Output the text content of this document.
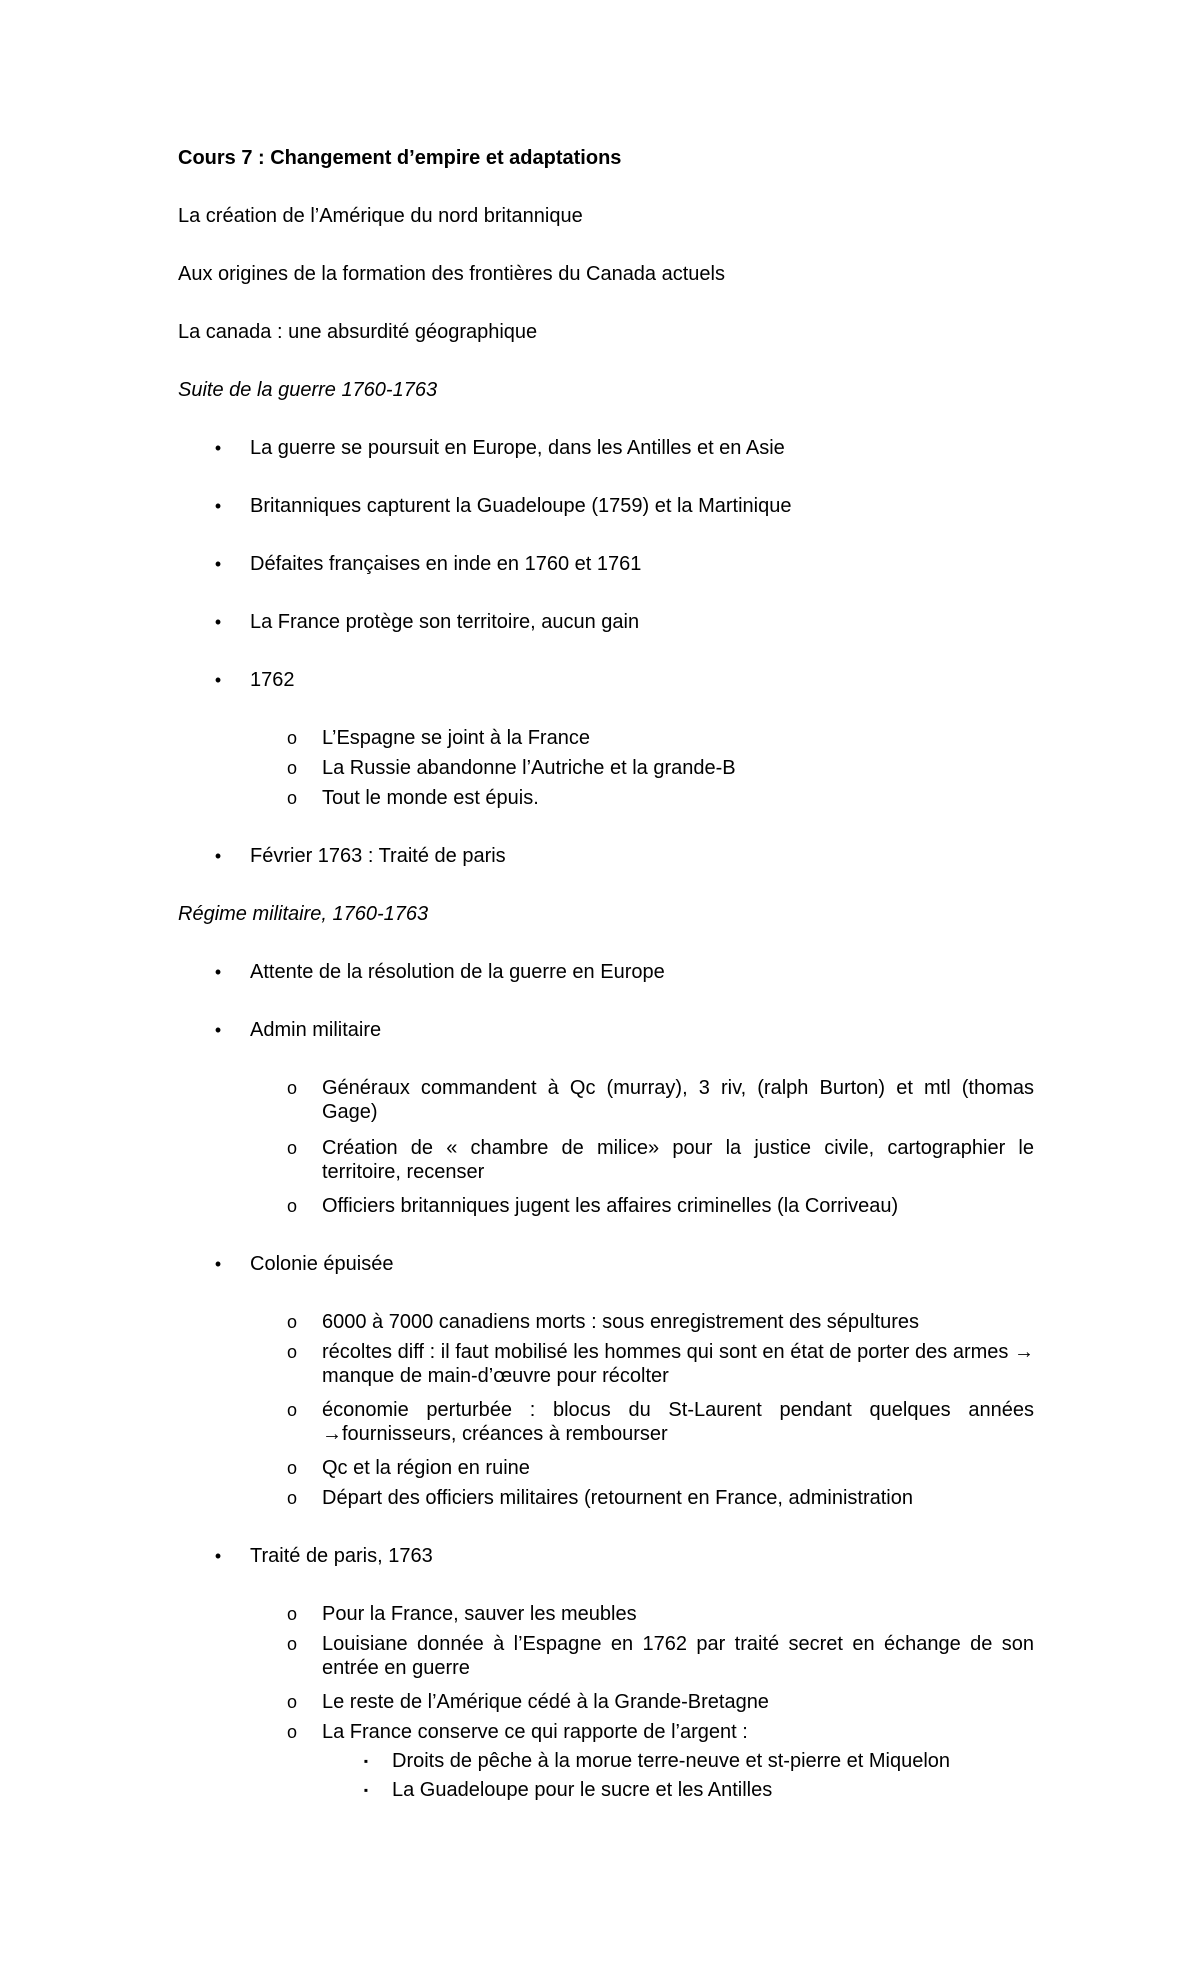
Cours 7 : Changement d’empire et adaptations

La création de l’Amérique du nord britannique

Aux origines de la formation des frontières du Canada actuels

La canada : une absurdité géographique

Suite de la guerre 1760-1763

•	La guerre se poursuit en Europe, dans les Antilles et en Asie

•	Britanniques capturent la Guadeloupe (1759) et la Martinique

•	Défaites françaises en inde en 1760 et 1761

•	La France protège son territoire, aucun gain

•	1762

o L’Espagne se joint à la France

o La Russie abandonne l’Autriche et la grande-B

o Tout le monde est épuis.

•	Février 1763 : Traité de paris

Régime militaire, 1760-1763

•	Attente de la résolution de la guerre en Europe

•	Admin militaire

o Généraux commandent à Qc (murray), 3 riv, (ralph Burton) et mtl (thomas Gage)

o Création de « chambre de milice» pour la justice civile, cartographier le territoire, recenser

o Officiers britanniques jugent les affaires criminelles (la Corriveau)

•	Colonie épuisée

o 6000 à 7000 canadiens morts : sous enregistrement des sépultures

o récoltes diff : il faut mobilisé les hommes qui sont en état de porter des armes → manque de main-d’œuvre pour récolter

o économie perturbée : blocus du St-Laurent pendant quelques années →fournisseurs, créances à rembourser

o Qc et la région en ruine

o Départ des officiers militaires (retournent en France, administration

•	Traité de paris, 1763

o Pour la France, sauver les meubles

o Louisiane donnée à l’Espagne en 1762 par traité secret en échange de son entrée en guerre

o Le reste de l’Amérique cédé à la Grande-Bretagne

o La France conserve ce qui rapporte de l’argent :

▪	Droits de pêche à la morue terre-neuve et st-pierre et Miquelon

▪	La Guadeloupe pour le sucre et les Antilles
